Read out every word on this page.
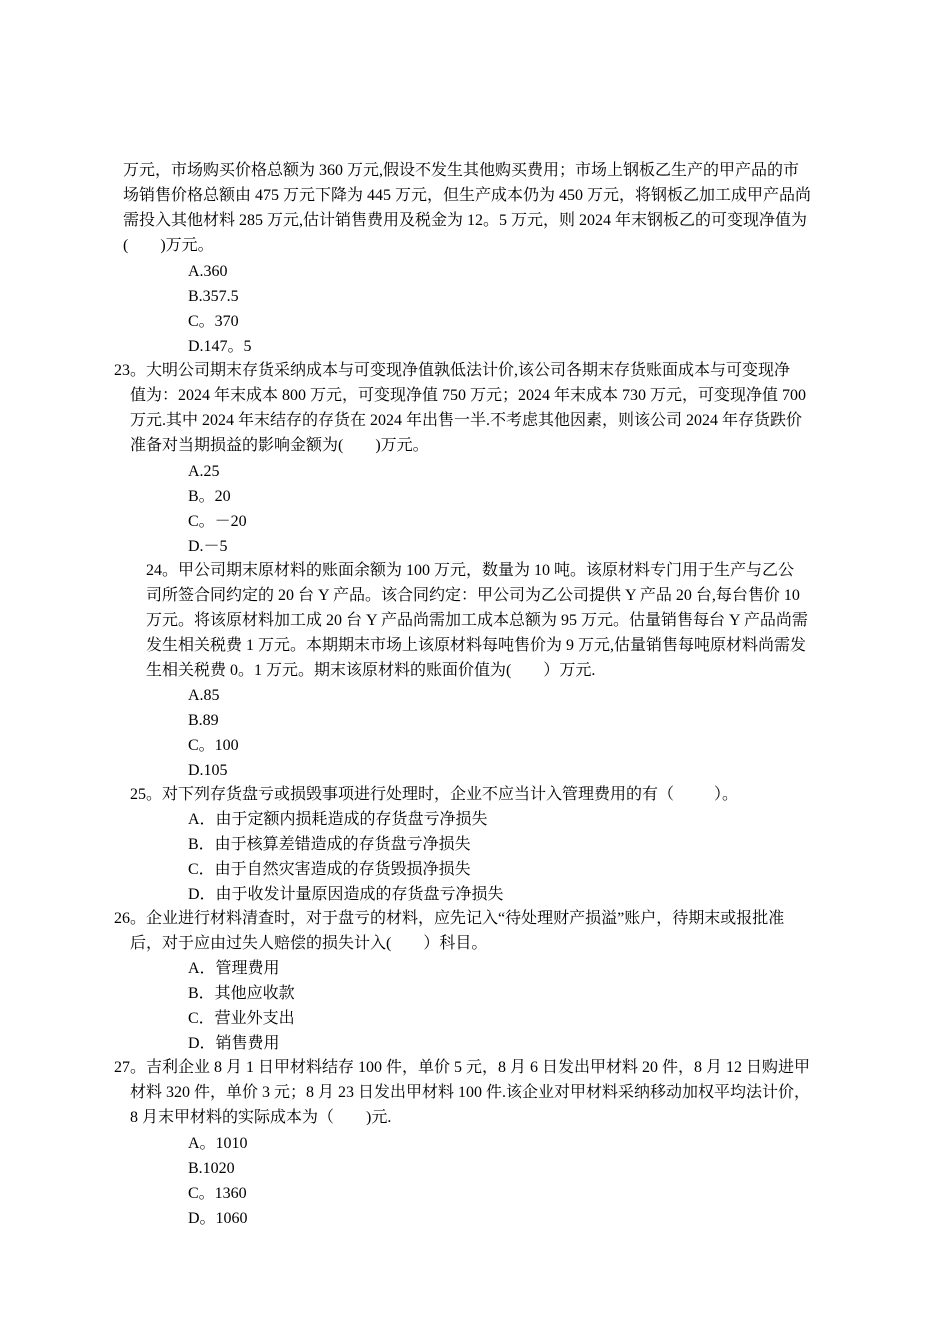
万元，市场购买价格总额为 360 万元,假设不发生其他购买费用；市场上钢板乙生产的甲产品的市
场销售价格总额由 475 万元下降为 445 万元，但生产成本仍为 450 万元，将钢板乙加工成甲产品尚
需投入其他材料 285 万元,估计销售费用及税金为 12。5 万元，则 2024 年末钢板乙的可变现净值为
(        )万元。
A.360
B.357.5
C。370
D.147。5
23。大明公司期末存货采纳成本与可变现净值孰低法计价,该公司各期末存货账面成本与可变现净
值为：2024 年末成本 800 万元，可变现净值 750 万元；2024 年末成本 730 万元，可变现净值 700
万元.其中 2024 年末结存的存货在 2024 年出售一半.不考虑其他因素，则该公司 2024 年存货跌价
准备对当期损益的影响金额为(        )万元。
A.25
B。20
C。－20
D.－5
24。甲公司期末原材料的账面余额为 100 万元，数量为 10 吨。该原材料专门用于生产与乙公
司所签合同约定的 20 台 Y 产品。该合同约定：甲公司为乙公司提供 Y 产品 20 台,每台售价 10
万元。将该原材料加工成 20 台 Y 产品尚需加工成本总额为 95 万元。估量销售每台 Y 产品尚需
发生相关税费 1 万元。本期期末市场上该原材料每吨售价为 9 万元,估量销售每吨原材料尚需发
生相关税费 0。1 万元。期末该原材料的账面价值为(        ）万元.
A.85
B.89
C。100
D.105
25。对下列存货盘亏或损毁事项进行处理时，企业不应当计入管理费用的有（          ）。
A．由于定额内损耗造成的存货盘亏净损失
B．由于核算差错造成的存货盘亏净损失
C．由于自然灾害造成的存货毁损净损失
D．由于收发计量原因造成的存货盘亏净损失
26。企业进行材料清查时，对于盘亏的材料，应先记入“待处理财产损溢”账户，待期末或报批准
后，对于应由过失人赔偿的损失计入(        ）科目。
A．管理费用
B．其他应收款
C．营业外支出
D．销售费用
27。吉利企业 8 月 1 日甲材料结存 100 件，单价 5 元，8 月 6 日发出甲材料 20 件，8 月 12 日购进甲
材料 320 件，单价 3 元；8 月 23 日发出甲材料 100 件.该企业对甲材料采纳移动加权平均法计价，
8 月末甲材料的实际成本为（        )元.
A。1010
B.1020
C。1360
D。1060
